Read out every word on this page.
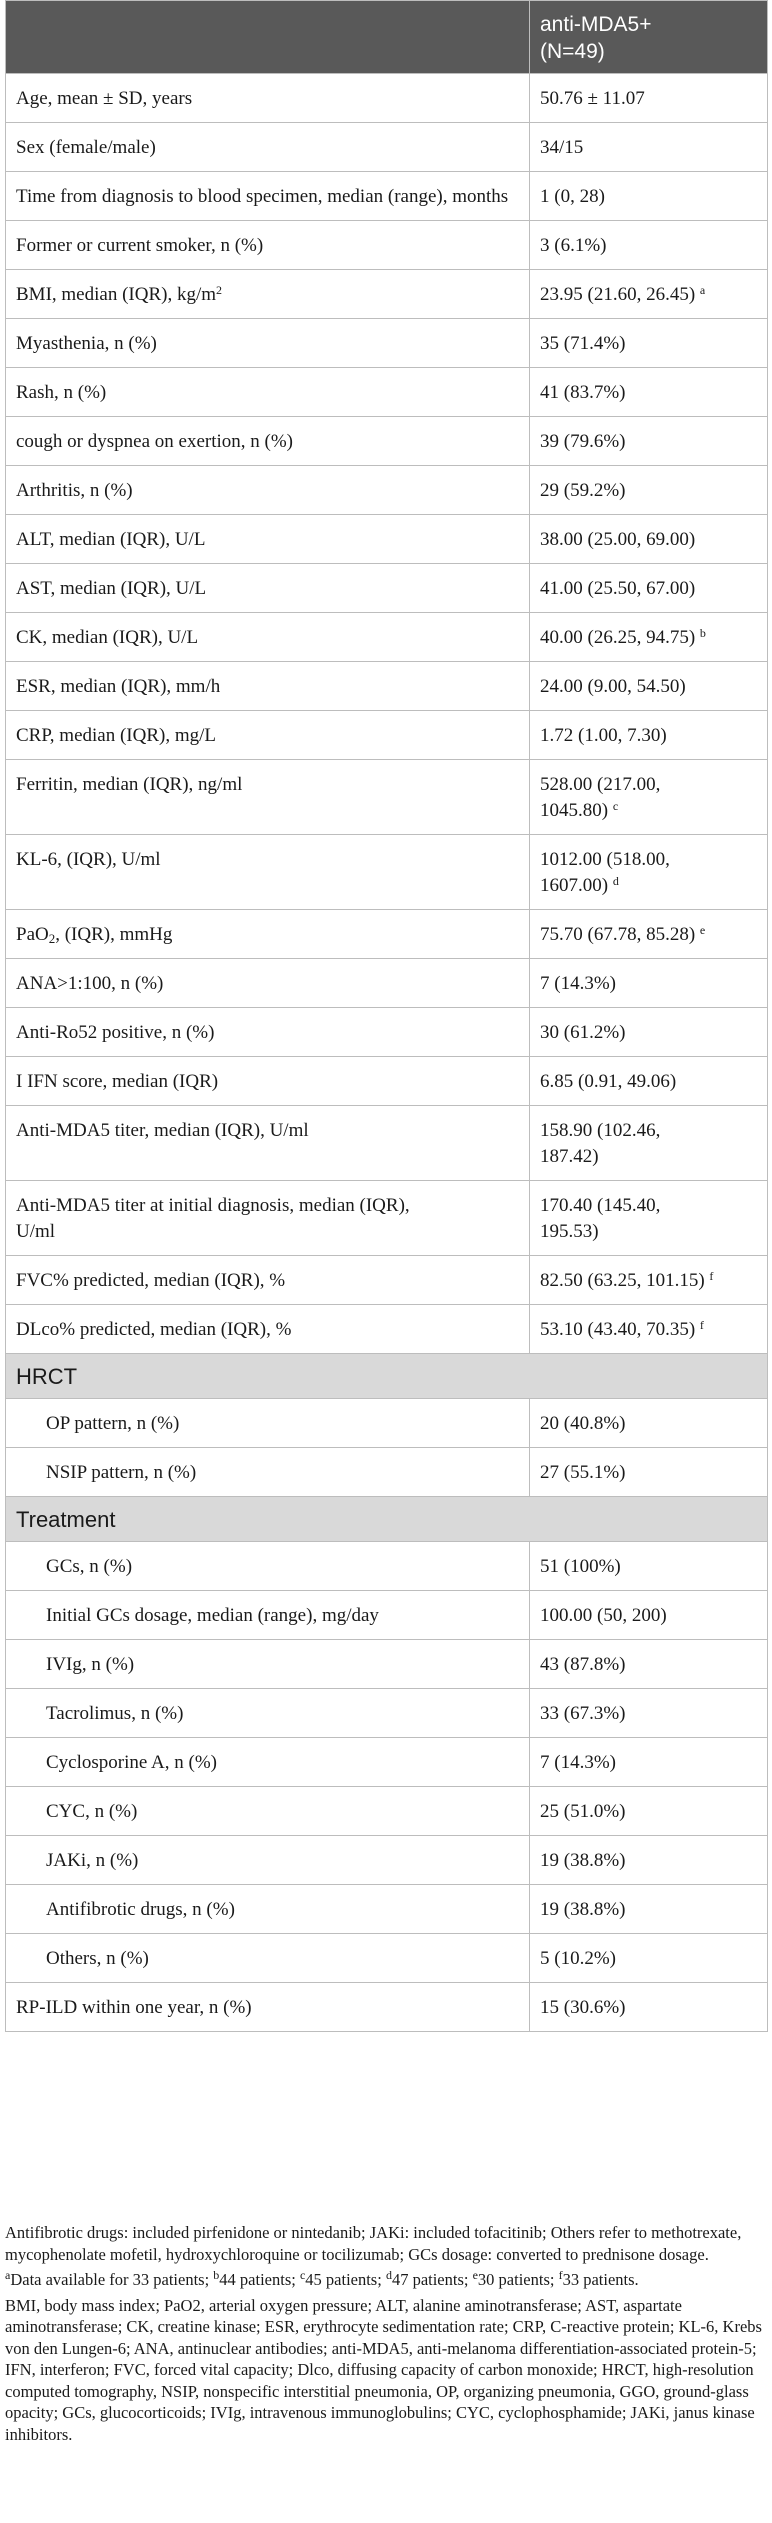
	anti-MDA5+
(N=49)
Age, mean ± SD, years	50.76 ± 11.07
Sex (female/male)	34/15
Time from diagnosis to blood specimen, median (range), months	1 (0, 28)
Former or current smoker, n (%)	3 (6.1%)
BMI, median (IQR), $kg/m^2$	23.95 (21.60, 26.45) $^a$
Myasthenia, n (%)	35 (71.4%)
Rash, n (%)	41 (83.7%)
cough or dyspnea on exertion, n (%)	39 (79.6%)
Arthritis, n (%)	29 (59.2%)
ALT, median (IQR), U/L	38.00 (25.00, 69.00)
AST, median (IQR), U/L	41.00 (25.50, 67.00)
CK, median (IQR), U/L	40.00 (26.25, 94.75) $^b$
ESR, median (IQR), mm/h	24.00 (9.00, 54.50)
CRP, median (IQR), mg/L	1.72 (1.00, 7.30)
Ferritin, median (IQR), ng/ml	528.00 (217.00,
1045.80) $^c$
KL-6, (IQR), U/ml	1012.00 (518.00,
1607.00) $^d$
PaO$_2$, (IQR), mmHg	75.70 (67.78, 85.28) $^e$
ANA>1:100, n (%)	7 (14.3%)
Anti-Ro52 positive, n (%)	30 (61.2%)
I IFN score, median (IQR)	6.85 (0.91, 49.06)
Anti-MDA5 titer, median (IQR), U/ml	158.90 (102.46,
187.42)
Anti-MDA5 titer at initial diagnosis, median (IQR),
U/ml	170.40 (145.40,
195.53)
FVC% predicted, median (IQR), %	82.50 (63.25, 101.15) $^f$
DLco% predicted, median (IQR), %	53.10 (43.40, 70.35) $^f$
HRCT	
OP pattern, n (%)	20 (40.8%)
NSIP pattern, n (%)	27 (55.1%)
Treatment	
GCs, n (%)	51 (100%)
Initial GCs dosage, median (range), mg/day	100.00 (50, 200)
IVIg, n (%)	43 (87.8%)
Tacrolimus, n (%)	33 (67.3%)
Cyclosporine A, n (%)	7 (14.3%)
CYC, n (%)	25 (51.0%)
JAKi, n (%)	19 (38.8%)
Antifibrotic drugs, n (%)	19 (38.8%)
Others, n (%)	5 (10.2%)
RP-ILD within one year, n (%)	15 (30.6%)

Antifibrotic drugs: included pirfenidone or nintedanib; JAKi: included tofacitinib; Others refer to methotrexate, mycophenolate mofetil, hydroxychloroquine or tocilizumab; GCs dosage: converted to prednisone dosage.

$^a$Data available for 33 patients; $^b$44 patients; $^c$45 patients; $^d$47 patients; $^e$30 patients; $^f$33 patients.

BMI, body mass index; PaO2, arterial oxygen pressure; ALT, alanine aminotransferase; AST, aspartate aminotransferase; CK, creatine kinase; ESR, erythrocyte sedimentation rate; CRP, C-reactive protein; KL-6, Krebs von den Lungen-6; ANA, antinuclear antibodies; anti-MDA5, anti-melanoma differentiation-associated protein-5; IFN, interferon; FVC, forced vital capacity; Dlco, diffusing capacity of carbon monoxide; HRCT, high-resolution computed tomography, NSIP, nonspecific interstitial pneumonia, OP, organizing pneumonia, GGO, ground-glass opacity; GCs, glucocorticoids; IVIg, intravenous immunoglobulins; CYC, cyclophosphamide; JAKi, janus kinase inhibitors.
